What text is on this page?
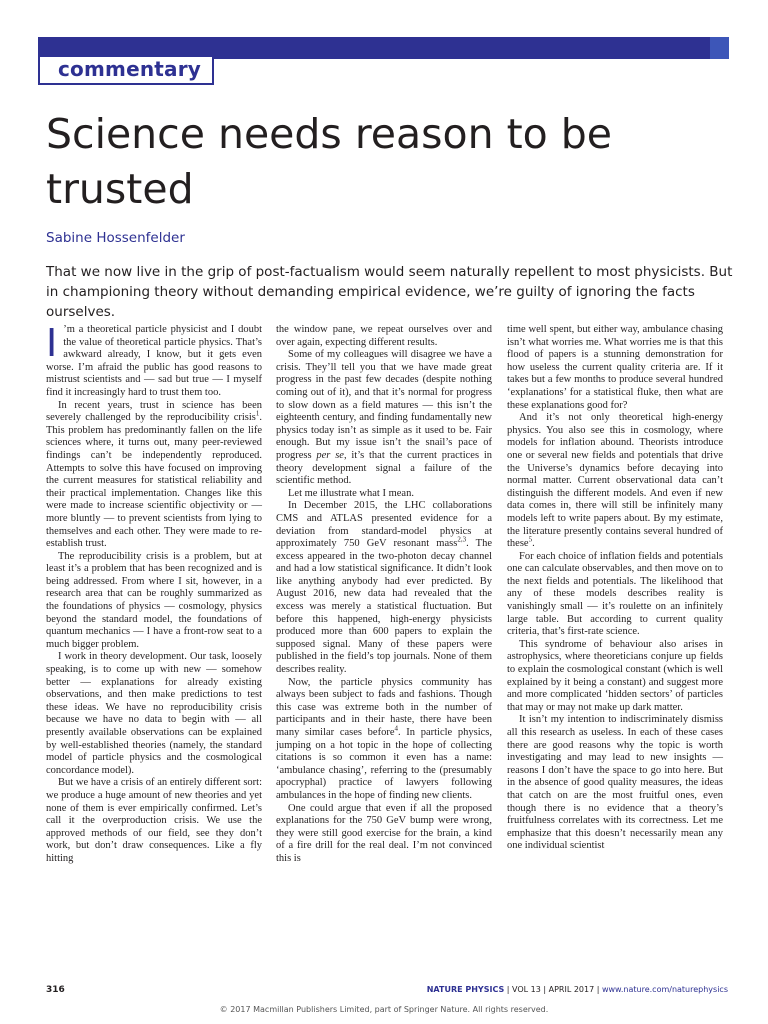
commentary
Science needs reason to be trusted
Sabine Hossenfelder

That we now live in the grip of post-factualism would seem naturally repellent to most physicists. But in championing theory without demanding empirical evidence, we’re guilty of ignoring the facts ourselves.

I ’m a theoretical particle physicist and I doubt the value of theoretical particle physics. That’s awkward already, I know, but it gets even worse. I’m afraid the public has good reasons to mistrust scientists and — sad but true — I myself find it increasingly hard to trust them too.

In recent years, trust in science has been severely challenged by the reproducibility crisis$^1$. This problem has predominantly fallen on the life sciences where, it turns out, many peer-reviewed findings can’t be independently reproduced. Attempts to solve this have focused on improving the current measures for statistical reliability and their practical implementation. Changes like this were made to increase scientific objectivity or — more bluntly — to prevent scientists from lying to themselves and each other. They were made to re-establish trust.

The reproducibility crisis is a problem, but at least it’s a problem that has been recognized and is being addressed. From where I sit, however, in a research area that can be roughly summarized as the foundations of physics — cosmology, physics beyond the standard model, the foundations of quantum mechanics — I have a front-row seat to a much bigger problem.

I work in theory development. Our task, loosely speaking, is to come up with new — somehow better — explanations for already existing observations, and then make predictions to test these ideas. We have no reproducibility crisis because we have no data to begin with — all presently available observations can be explained by well-established theories (namely, the standard model of particle physics and the cosmological concordance model).

But we have a crisis of an entirely different sort: we produce a huge amount of new theories and yet none of them is ever empirically confirmed. Let’s call it the overproduction crisis. We use the approved methods of our field, see they don’t work, but don’t draw consequences. Like a fly hitting

the window pane, we repeat ourselves over and over again, expecting different results.

Some of my colleagues will disagree we have a crisis. They’ll tell you that we have made great progress in the past few decades (despite nothing coming out of it), and that it’s normal for progress to slow down as a field matures — this isn’t the eighteenth century, and finding fundamentally new physics today isn’t as simple as it used to be. Fair enough. But my issue isn’t the snail’s pace of progress per se, it’s that the current practices in theory development signal a failure of the scientific method.

Let me illustrate what I mean.

In December 2015, the LHC collaborations CMS and ATLAS presented evidence for a deviation from standard-model physics at approximately 750 GeV resonant mass$^{2,3}$. The excess appeared in the two-photon decay channel and had a low statistical significance. It didn’t look like anything anybody had ever predicted. By August 2016, new data had revealed that the excess was merely a statistical fluctuation. But before this happened, high-energy physicists produced more than 600 papers to explain the supposed signal. Many of these papers were published in the field’s top journals. None of them describes reality.

Now, the particle physics community has always been subject to fads and fashions. Though this case was extreme both in the number of participants and in their haste, there have been many similar cases before$^4$. In particle physics, jumping on a hot topic in the hope of collecting citations is so common it even has a name: ‘ambulance chasing’, referring to the (presumably apocryphal) practice of lawyers following ambulances in the hope of finding new clients.

One could argue that even if all the proposed explanations for the 750 GeV bump were wrong, they were still good exercise for the brain, a kind of a fire drill for the real deal. I’m not convinced this is

time well spent, but either way, ambulance chasing isn’t what worries me. What worries me is that this flood of papers is a stunning demonstration for how useless the current quality criteria are. If it takes but a few months to produce several hundred ‘explanations’ for a statistical fluke, then what are these explanations good for?

And it’s not only theoretical high-energy physics. You also see this in cosmology, where models for inflation abound. Theorists introduce one or several new fields and potentials that drive the Universe’s dynamics before decaying into normal matter. Current observational data can’t distinguish the different models. And even if new data comes in, there will still be infinitely many models left to write papers about. By my estimate, the literature presently contains several hundred of these$^5$.

For each choice of inflation fields and potentials one can calculate observables, and then move on to the next fields and potentials. The likelihood that any of these models describes reality is vanishingly small — it’s roulette on an infinitely large table. But according to current quality criteria, that’s first-rate science.

This syndrome of behaviour also arises in astrophysics, where theoreticians conjure up fields to explain the cosmological constant (which is well explained by it being a constant) and suggest more and more complicated ‘hidden sectors’ of particles that may or may not make up dark matter.

It isn’t my intention to indiscriminately dismiss all this research as useless. In each of these cases there are good reasons why the topic is worth investigating and may lead to new insights — reasons I don’t have the space to go into here. But in the absence of good quality measures, the ideas that catch on are the most fruitful ones, even though there is no evidence that a theory’s fruitfulness correlates with its correctness. Let me emphasize that this doesn’t necessarily mean any one individual scientist

316	NATURE PHYSICS | VOL 13 | APRIL 2017 | www.nature.com/naturephysics
© 2017 Macmillan Publishers Limited, part of Springer Nature. All rights reserved.
